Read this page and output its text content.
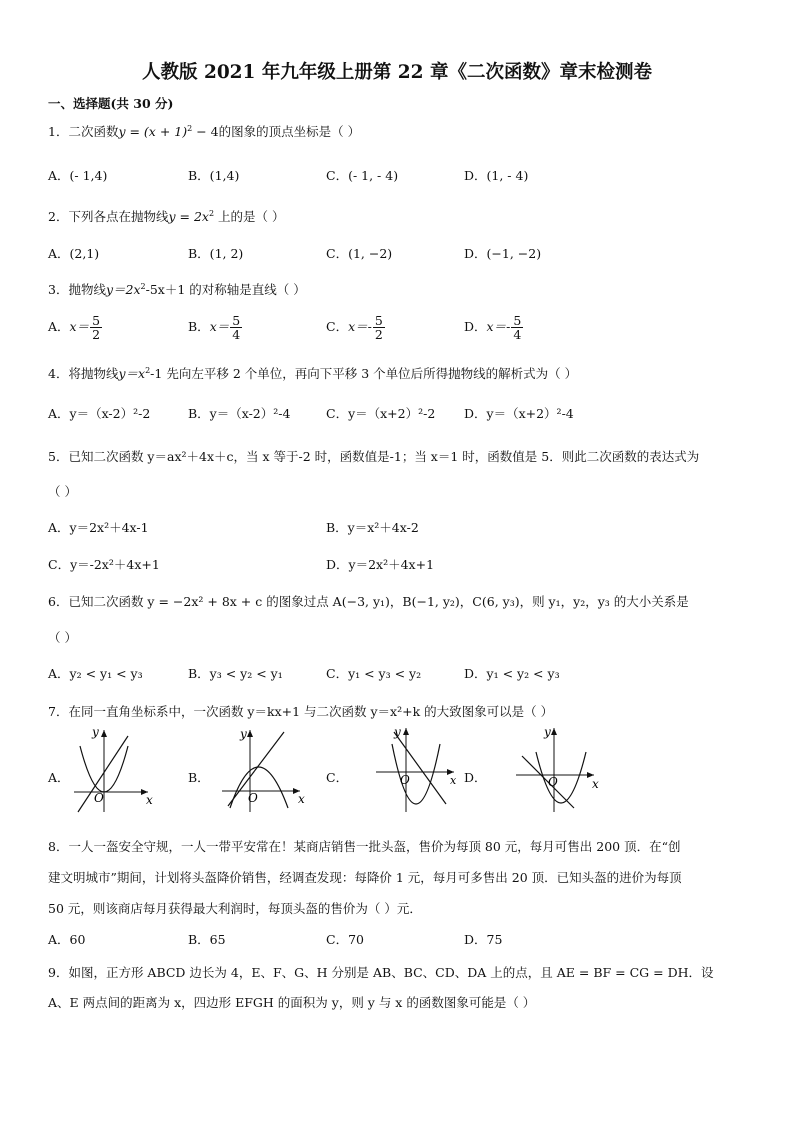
人教版 2021 年九年级上册第 22 章《二次函数》章末检测卷
一、选择题(共 30 分)
1．二次函数$y = (x + 1)^2 - 4$的图象的顶点坐标是（ ）
A．(- 1,4)	B．(1,4)	C．(- 1, - 4)	D．(1, - 4)
2．下列各点在抛物线$y = 2x^2$ 上的是（ ）
A．(2,1)	B．(1, 2)	C．(1, −2)	D．(−1, −2)
3．抛物线$y=2x^2-5x+1$ 的对称轴是直线（ ）
A．$x= \frac{5}{2}$	B．$x= \frac{5}{4}$	C．$x=- \frac{5}{2}$	D．$x=- \frac{5}{4}$
4．将抛物线$y=x^2-1$ 先向左平移 2 个单位，再向下平移 3 个单位后所得抛物线的解析式为（ ）
A．y＝（x-2）²-2	B．y＝（x-2）²-4	C．y＝（x+2）²-2 D．y＝（x+2）²-4
5．已知二次函数 y＝ax²＋4x＋c，当 x 等于-2 时，函数值是-1；当 x＝1 时，函数值是 5．则此二次函数的表达式为
（ ）
A．y＝2x²＋4x-1	B．y＝x²＋4x-2
C．y＝-2x²＋4x+1	D．y＝2x²＋4x+1
6．已知二次函数 y = −2x² + 8x + c 的图象过点 A(−3, y₁)，B(−1, y₂)，C(6, y₃)，则 y₁，y₂，y₃ 的大小关系是
（ ）
A．y₂ < y₁ < y₃	B．y₃ < y₂ < y₁	C．y₁ < y₃ < y₂	D．y₁ < y₂ < y₃
7．在同一直角坐标系中，一次函数 y＝kx+1 与二次函数 y＝x²+k 的大致图象可以是（ ）
A．
y
x
O
B．
y
x
O
C．
y
x
O	D．
y
x
O
8．一人一盔安全守规，一人一带平安常在！某商店销售一批头盔，售价为每顶 80 元，每月可售出 200 顶．在“创
建文明城市”期间，计划将头盔降价销售，经调查发现：每降价 1 元，每月可多售出 20 顶．已知头盔的进价为每顶
50 元，则该商店每月获得最大利润时，每顶头盔的售价为（ ）元．
A．60	B．65	C．70	D．75
9．如图，正方形 ABCD 边长为 4，E、F、G、H 分别是 AB、BC、CD、DA 上的点，且 AE = BF = CG = DH．设
A、E 两点间的距离为 x，四边形 EFGH 的面积为 y，则 y 与 x 的函数图象可能是（ ）
